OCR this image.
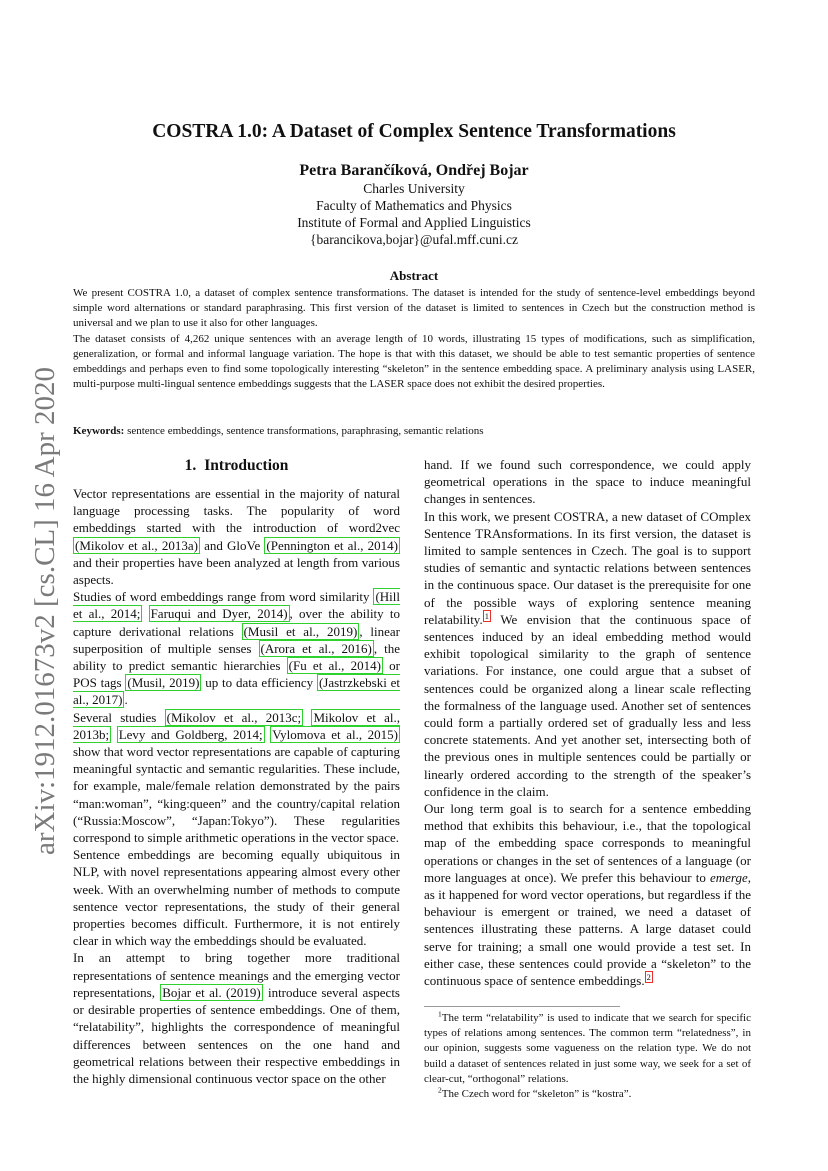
arXiv:1912.01673v2 [cs.CL] 16 Apr 2020
COSTRA 1.0: A Dataset of Complex Sentence Transformations
Petra Barančíková, Ondřej Bojar
Charles University
Faculty of Mathematics and Physics
Institute of Formal and Applied Linguistics
{barancikova,bojar}@ufal.mff.cuni.cz
Abstract

We present COSTRA 1.0, a dataset of complex sentence transformations. The dataset is intended for the study of sentence-level embeddings beyond simple word alternations or standard paraphrasing. This first version of the dataset is limited to sentences in Czech but the construction method is universal and we plan to use it also for other languages.

The dataset consists of 4,262 unique sentences with an average length of 10 words, illustrating 15 types of modifications, such as simplification, generalization, or formal and informal language variation. The hope is that with this dataset, we should be able to test semantic properties of sentence embeddings and perhaps even to find some topologically interesting “skeleton” in the sentence embedding space. A preliminary analysis using LASER, multi-purpose multi-lingual sentence embeddings suggests that the LASER space does not exhibit the desired properties.

Keywords: sentence embeddings, sentence transformations, paraphrasing, semantic relations
1. Introduction

Vector representations are essential in the majority of natural language processing tasks. The popularity of word embeddings started with the introduction of word2vec (Mikolov et al., 2013a) and GloVe (Pennington et al., 2014) and their properties have been analyzed at length from various aspects.

Studies of word embeddings range from word similarity (Hill et al., 2014; Faruqui and Dyer, 2014) , over the ability to capture derivational relations (Musil et al., 2019) , linear superposition of multiple senses (Arora et al., 2016) , the ability to predict semantic hierarchies (Fu et al., 2014) or POS tags (Musil, 2019) up to data efficiency (Jastrzkebski et al., 2017) .

Several studies (Mikolov et al., 2013c; Mikolov et al., 2013b; Levy and Goldberg, 2014; Vylomova et al., 2015) show that word vector representations are capable of capturing meaningful syntactic and semantic regularities. These include, for example, male/female relation demonstrated by the pairs “man:woman”, “king:queen” and the country/capital relation (“Russia:Moscow”, “Japan:Tokyo”). These regularities correspond to simple arithmetic operations in the vector space.

Sentence embeddings are becoming equally ubiquitous in NLP, with novel representations appearing almost every other week. With an overwhelming number of methods to compute sentence vector representations, the study of their general properties becomes difficult. Furthermore, it is not entirely clear in which way the embeddings should be evaluated.

In an attempt to bring together more traditional representations of sentence meanings and the emerging vector representations, Bojar et al. (2019) introduce several aspects or desirable properties of sentence embeddings. One of them, “relatability”, highlights the correspondence of meaningful differences between sentences on the one hand and geometrical relations between their respective embeddings in the highly dimensional continuous vector space on the other

hand. If we found such correspondence, we could apply geometrical operations in the space to induce meaningful changes in sentences.

In this work, we present COSTRA, a new dataset of COmplex Sentence TRAnsformations. In its first version, the dataset is limited to sample sentences in Czech. The goal is to support studies of semantic and syntactic relations between sentences in the continuous space. Our dataset is the prerequisite for one of the possible ways of exploring sentence meaning relatability. $^1$ We envision that the continuous space of sentences induced by an ideal embedding method would exhibit topological similarity to the graph of sentence variations. For instance, one could argue that a subset of sentences could be organized along a linear scale reflecting the formalness of the language used. Another set of sentences could form a partially ordered set of gradually less and less concrete statements. And yet another set, intersecting both of the previous ones in multiple sentences could be partially or linearly ordered according to the strength of the speaker’s confidence in the claim.

Our long term goal is to search for a sentence embedding method that exhibits this behaviour, i.e., that the topological map of the embedding space corresponds to meaningful operations or changes in the set of sentences of a language (or more languages at once). We prefer this behaviour to emerge, as it happened for word vector operations, but regardless if the behaviour is emergent or trained, we need a dataset of sentences illustrating these patterns. A large dataset could serve for training; a small one would provide a test set. In either case, these sentences could provide a “skeleton” to the continuous space of sentence embeddings. $^2$

$^1$The term “relatability” is used to indicate that we search for specific types of relations among sentences. The common term “relatedness”, in our opinion, suggests some vagueness on the relation type. We do not build a dataset of sentences related in just some way, we seek for a set of clear-cut, “orthogonal” relations.

$^2$The Czech word for “skeleton” is “kostra”.
